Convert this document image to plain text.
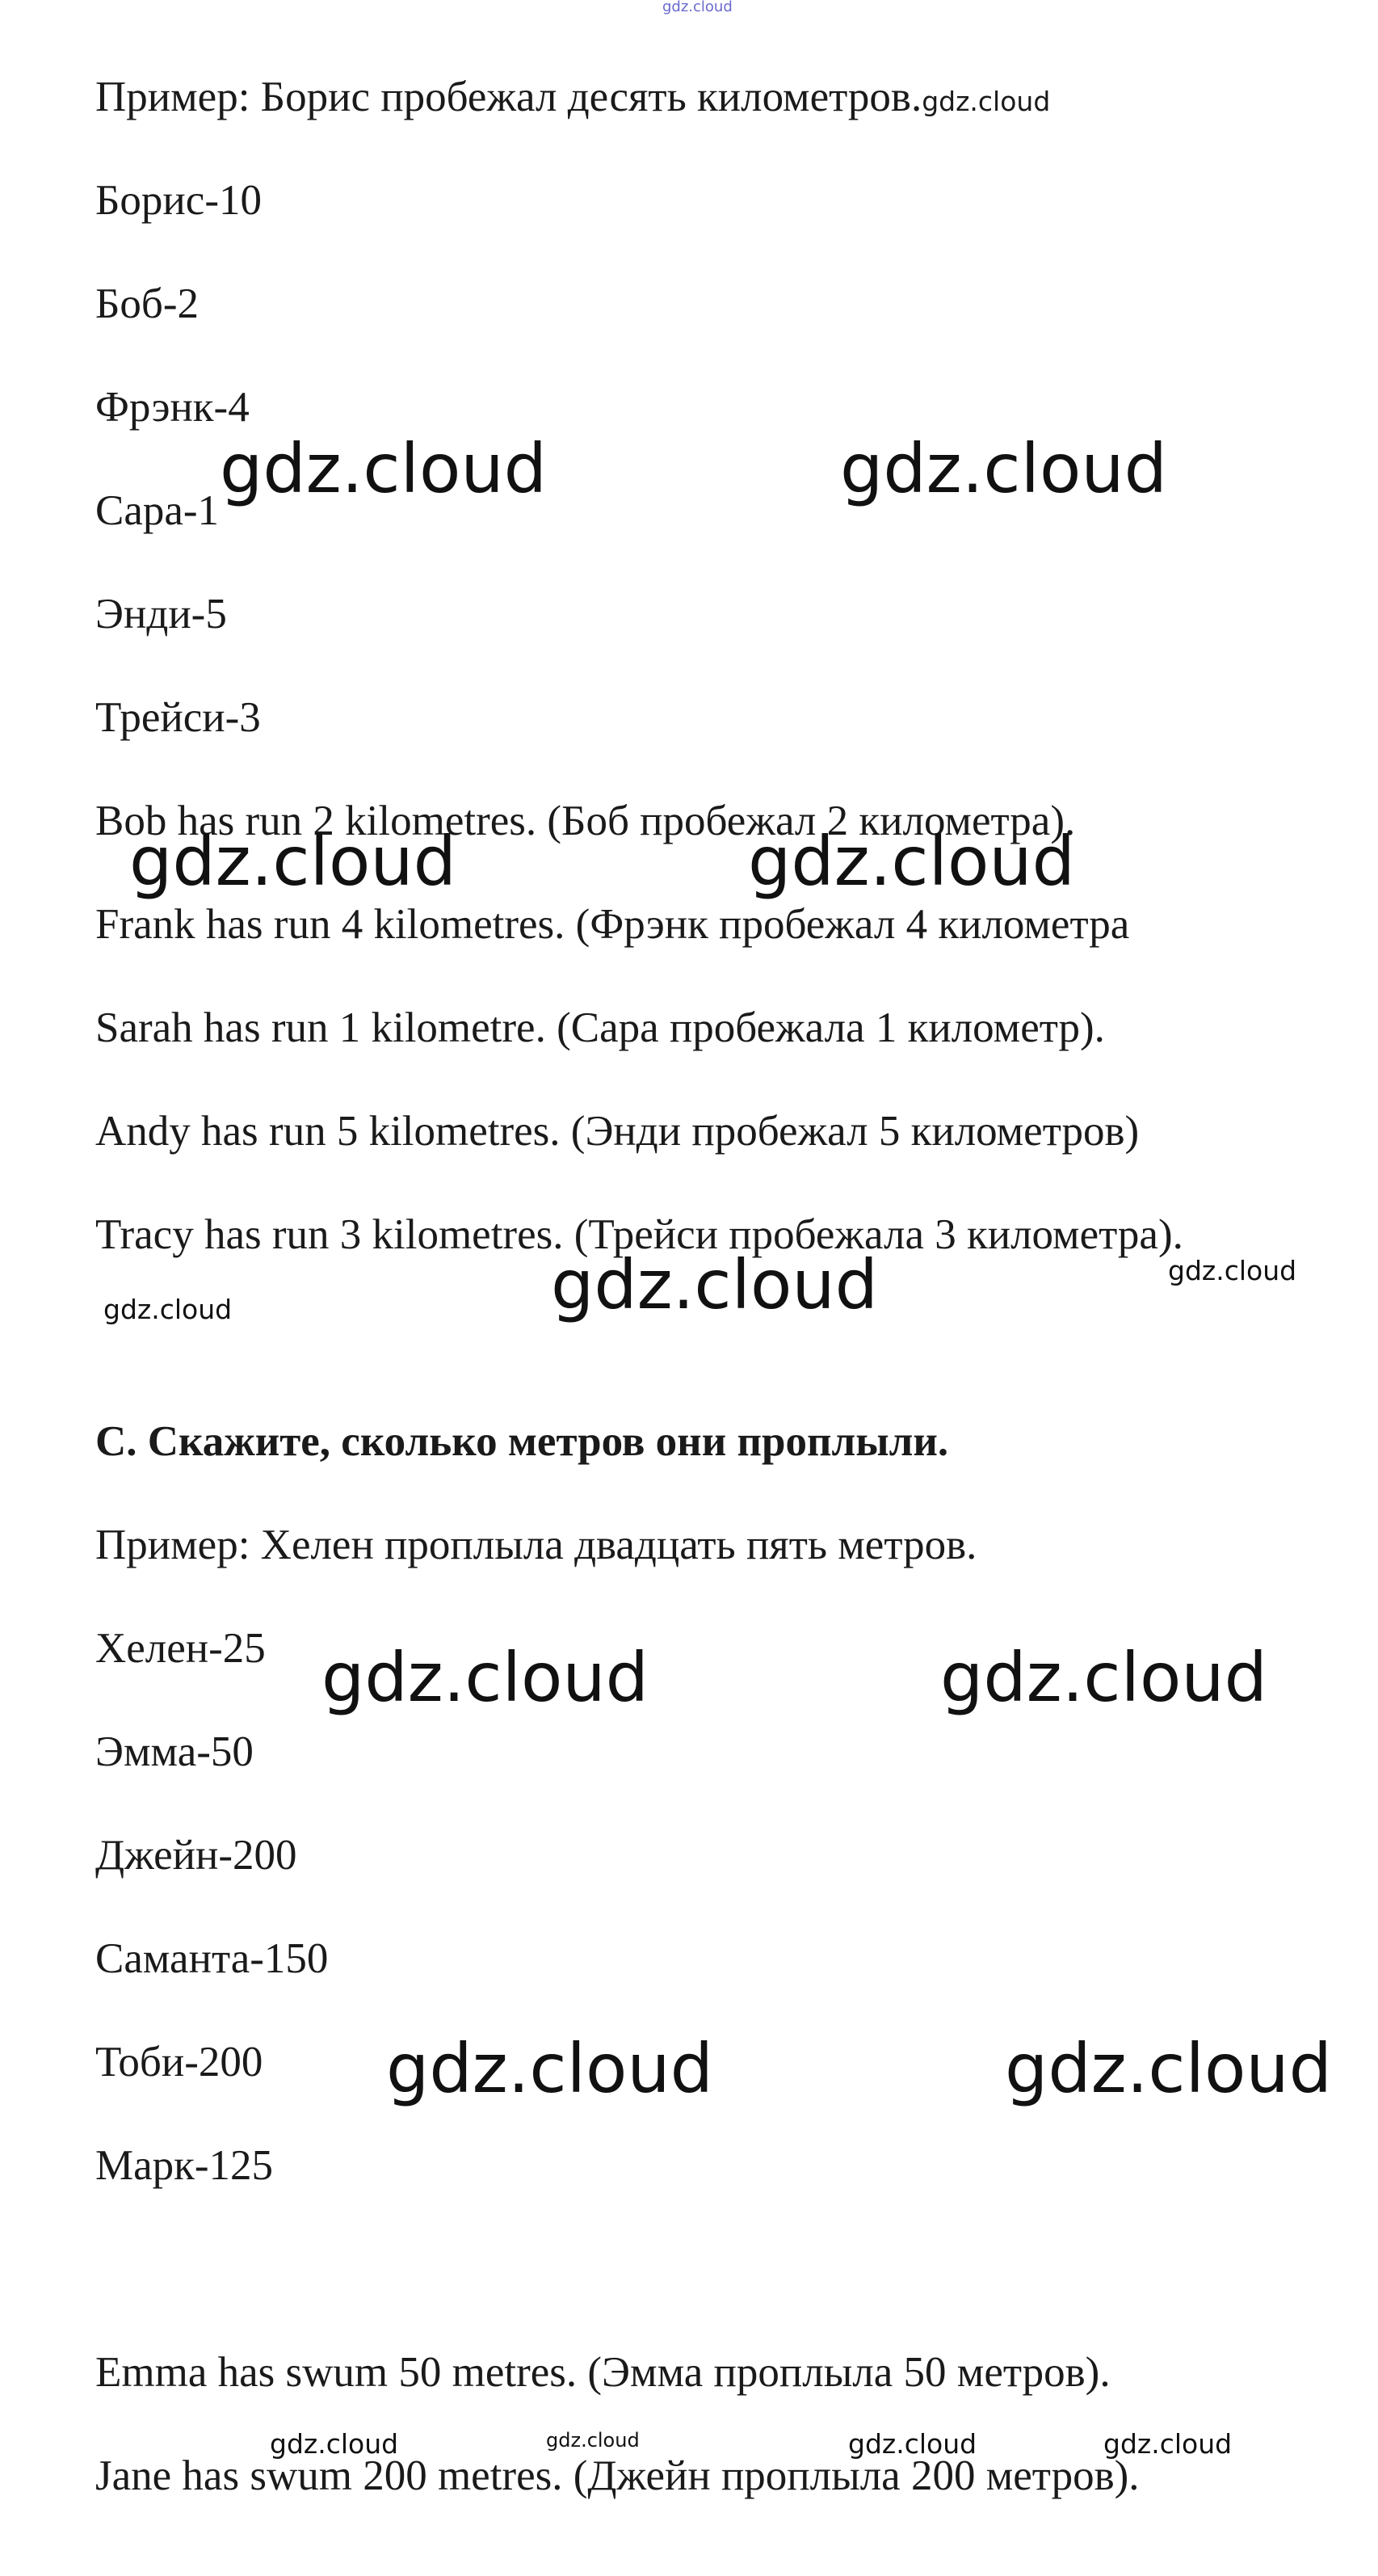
gdz.cloud
Пример: Борис пробежал десять километров.gdz.cloud
Борис-10
Боб-2
Фрэнк-4
Сара-1
Энди-5
Трейси-3
Bob has run 2 kilometres. (Боб пробежал 2 километра).
Frank has run 4 kilometres. (Фрэнк пробежал 4 километра
Sarah has run 1 kilometre. (Сара пробежала 1 километр).
Andy has run 5 kilometres. (Энди пробежал 5 километров)
Tracy has run 3 kilometres. (Трейси пробежала 3 километра).
C. Скажите, сколько метров они проплыли.
Пример: Хелен проплыла двадцать пять метров.
Хелен-25
Эмма-50
Джейн-200
Саманта-150
Тоби-200
Марк-125
Emma has swum 50 metres. (Эмма проплыла 50 метров).
Jane has swum 200 metres. (Джейн проплыла 200 метров).
gdz.cloud	gdz.cloud
gdz.cloud	gdz.cloud
gdz.cloud
gdz.cloud	gdz.cloud
gdz.cloud	gdz.cloud
gdz.cloud
gdz.cloud
gdz.cloud	gdz.cloud	gdz.cloud	gdz.cloud
